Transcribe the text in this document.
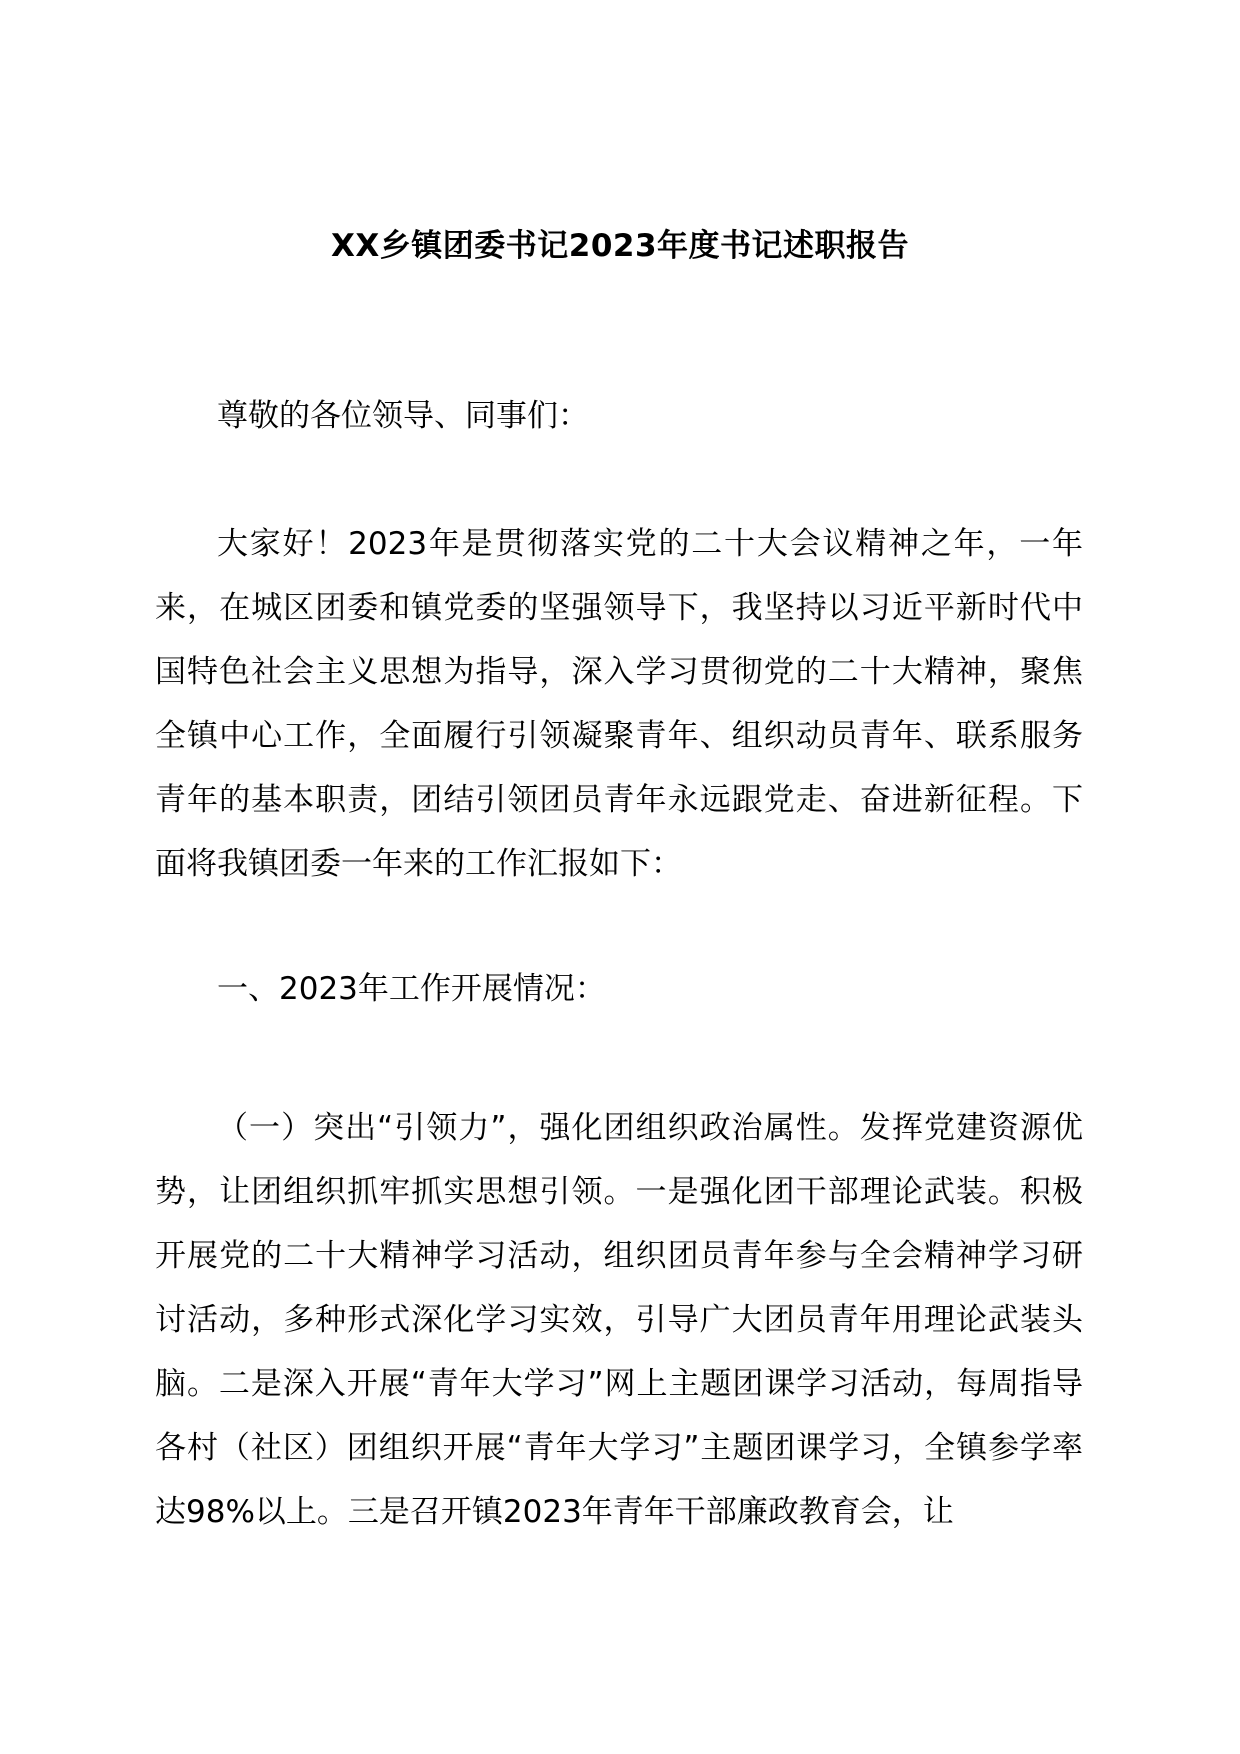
XX乡镇团委书记2023年度书记述职报告

尊敬的各位领导、同事们：

大家好！2023年是贯彻落实党的二十大会议精神之年，一年来，在城区团委和镇党委的坚强领导下，我坚持以习近平新时代中国特色社会主义思想为指导，深入学习贯彻党的二十大精神，聚焦全镇中心工作，全面履行引领凝聚青年、组织动员青年、联系服务青年的基本职责，团结引领团员青年永远跟党走、奋进新征程。下面将我镇团委一年来的工作汇报如下：

一、2023年工作开展情况：

（一）突出“引领力”，强化团组织政治属性。发挥党建资源优势，让团组织抓牢抓实思想引领。一是强化团干部理论武装。积极开展党的二十大精神学习活动，组织团员青年参与全会精神学习研讨活动，多种形式深化学习实效，引导广大团员青年用理论武装头脑。二是深入开展“青年大学习”网上主题团课学习活动，每周指导各村（社区）团组织开展“青年大学习”主题团课学习，全镇参学率达98%以上。三是召开镇2023年青年干部廉政教育会，让
